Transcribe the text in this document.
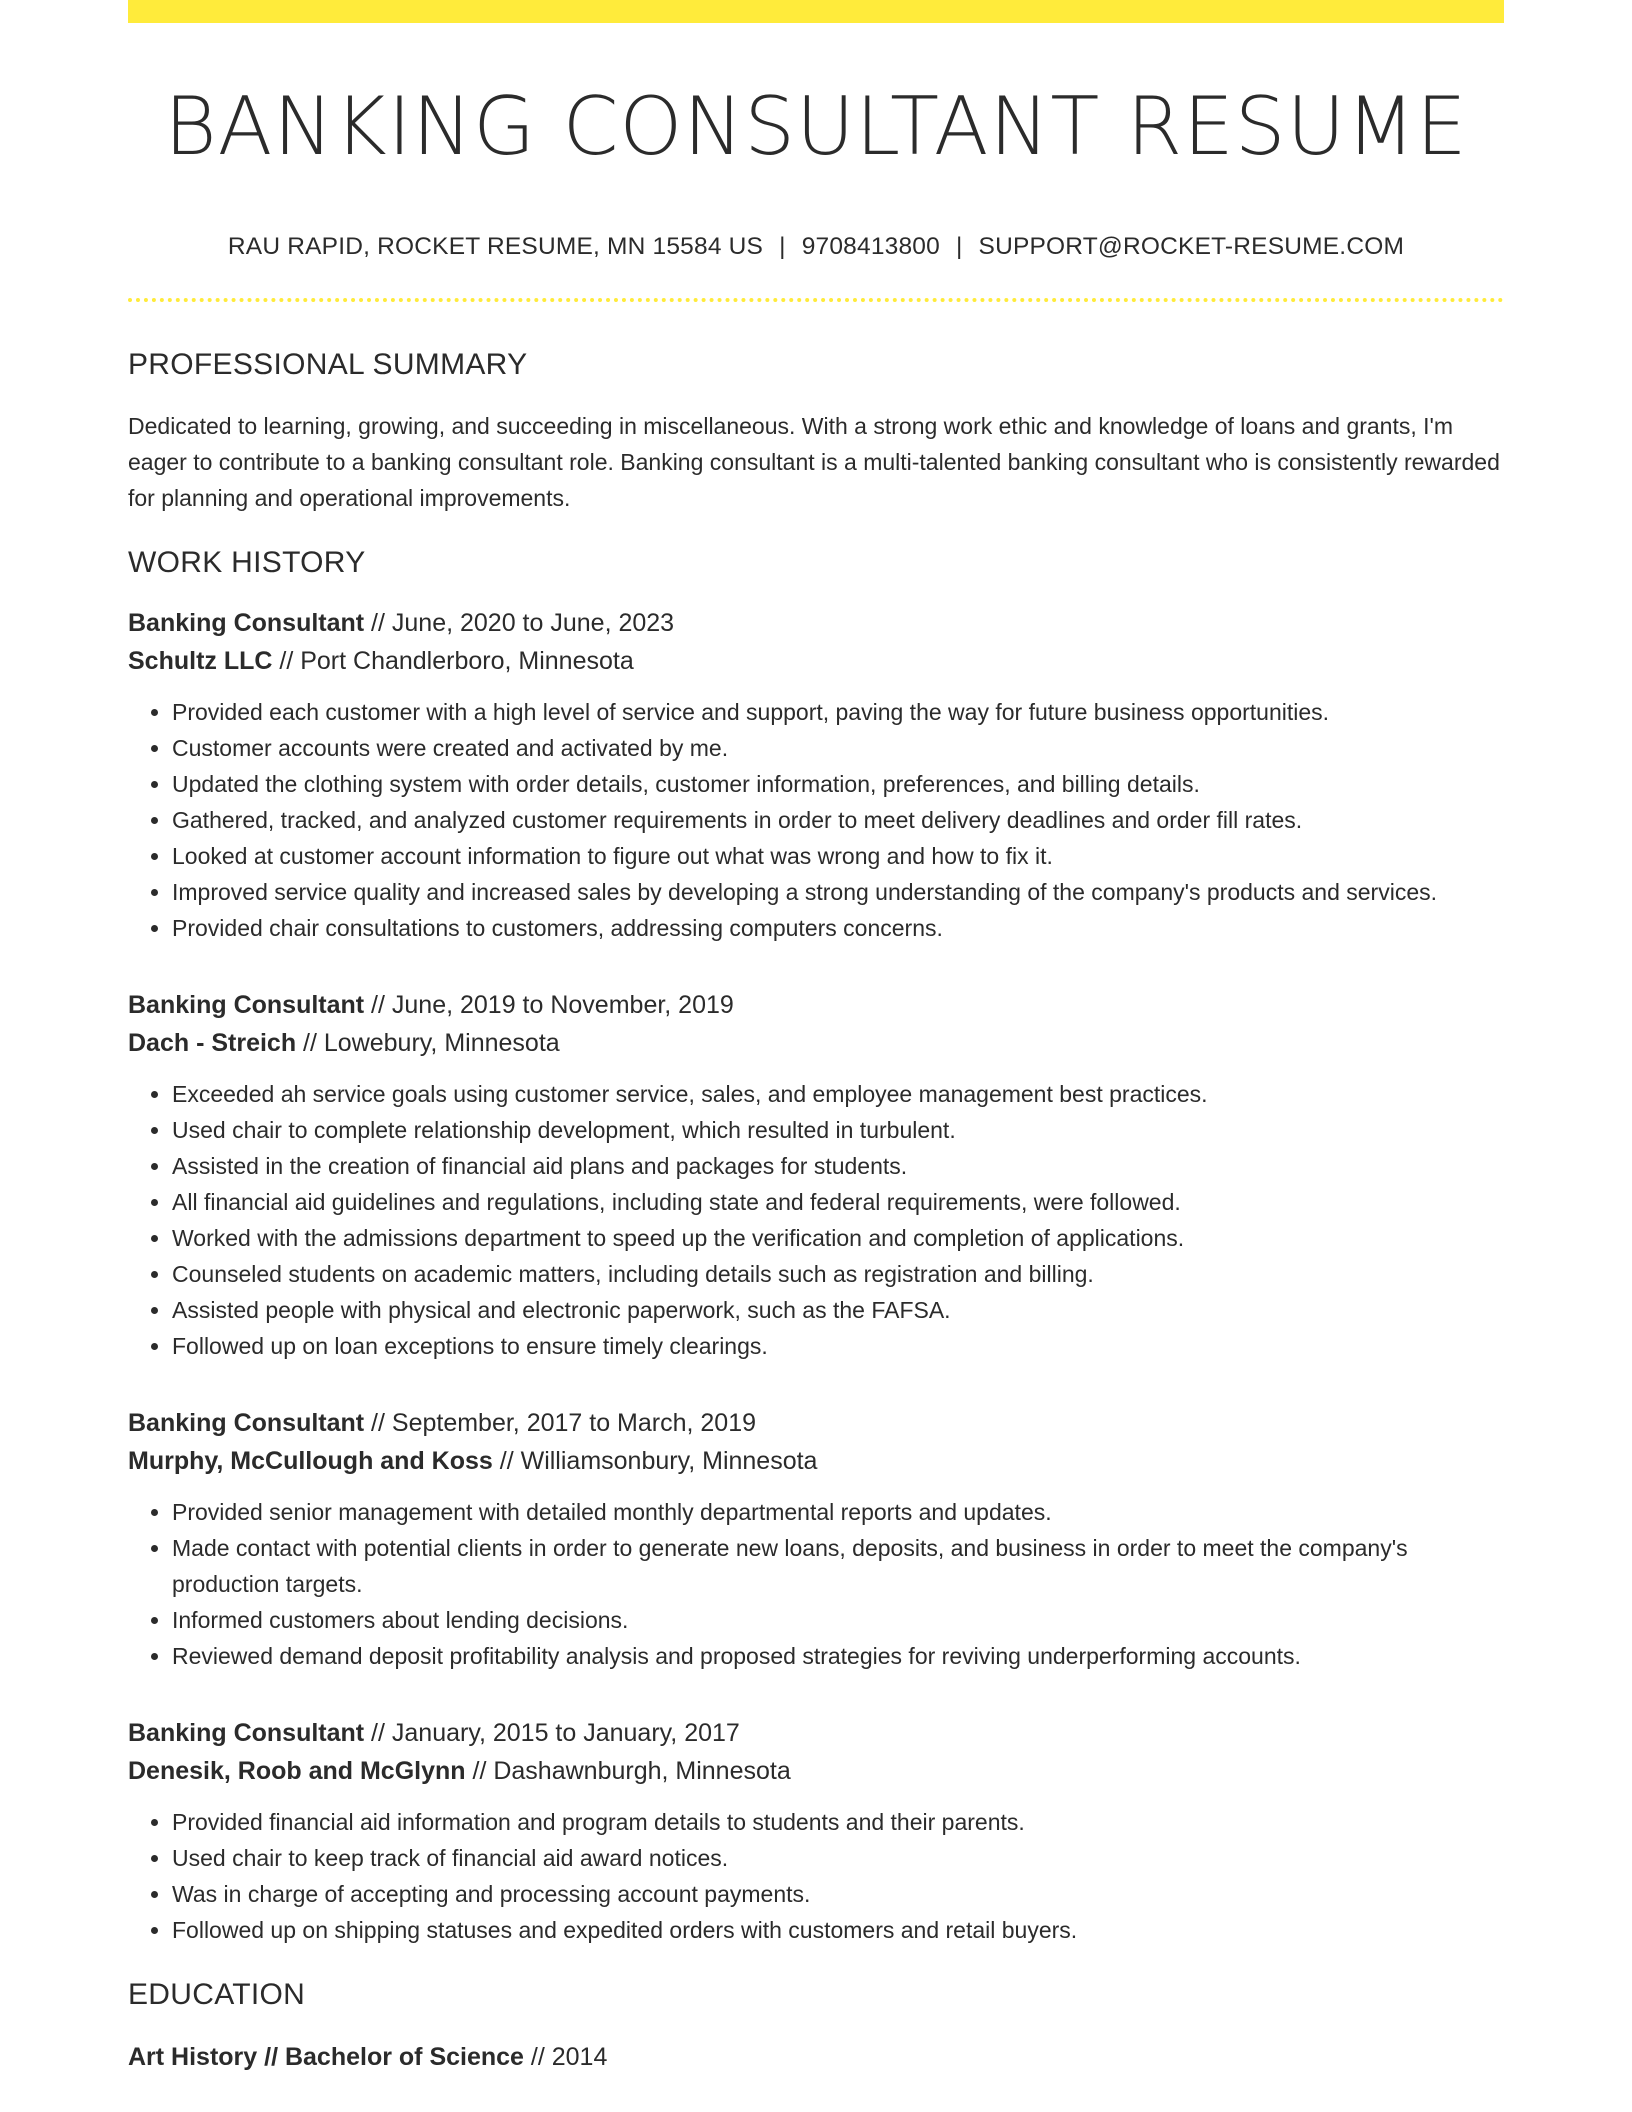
BANKING CONSULTANT RESUME
RAU RAPID, ROCKET RESUME, MN 15584 US | 9708413800 | SUPPORT@ROCKET-RESUME.COM
PROFESSIONAL SUMMARY
Dedicated to learning, growing, and succeeding in miscellaneous. With a strong work ethic and knowledge of loans and grants, I'm eager to contribute to a banking consultant role. Banking consultant is a multi-talented banking consultant who is consistently rewarded for planning and operational improvements.
WORK HISTORY
Banking Consultant // June, 2020 to June, 2023
Schultz LLC // Port Chandlerboro, Minnesota
• Provided each customer with a high level of service and support, paving the way for future business opportunities.
• Customer accounts were created and activated by me.
• Updated the clothing system with order details, customer information, preferences, and billing details.
• Gathered, tracked, and analyzed customer requirements in order to meet delivery deadlines and order fill rates.
• Looked at customer account information to figure out what was wrong and how to fix it.
• Improved service quality and increased sales by developing a strong understanding of the company's products and services.
• Provided chair consultations to customers, addressing computers concerns.
Banking Consultant // June, 2019 to November, 2019
Dach - Streich // Lowebury, Minnesota
• Exceeded ah service goals using customer service, sales, and employee management best practices.
• Used chair to complete relationship development, which resulted in turbulent.
• Assisted in the creation of financial aid plans and packages for students.
• All financial aid guidelines and regulations, including state and federal requirements, were followed.
• Worked with the admissions department to speed up the verification and completion of applications.
• Counseled students on academic matters, including details such as registration and billing.
• Assisted people with physical and electronic paperwork, such as the FAFSA.
• Followed up on loan exceptions to ensure timely clearings.
Banking Consultant // September, 2017 to March, 2019
Murphy, McCullough and Koss // Williamsonbury, Minnesota
• Provided senior management with detailed monthly departmental reports and updates.
• Made contact with potential clients in order to generate new loans, deposits, and business in order to meet the company's production targets.
• Informed customers about lending decisions.
• Reviewed demand deposit profitability analysis and proposed strategies for reviving underperforming accounts.
Banking Consultant // January, 2015 to January, 2017
Denesik, Roob and McGlynn // Dashawnburgh, Minnesota
• Provided financial aid information and program details to students and their parents.
• Used chair to keep track of financial aid award notices.
• Was in charge of accepting and processing account payments.
• Followed up on shipping statuses and expedited orders with customers and retail buyers.
EDUCATION
Art History // Bachelor of Science // 2014
